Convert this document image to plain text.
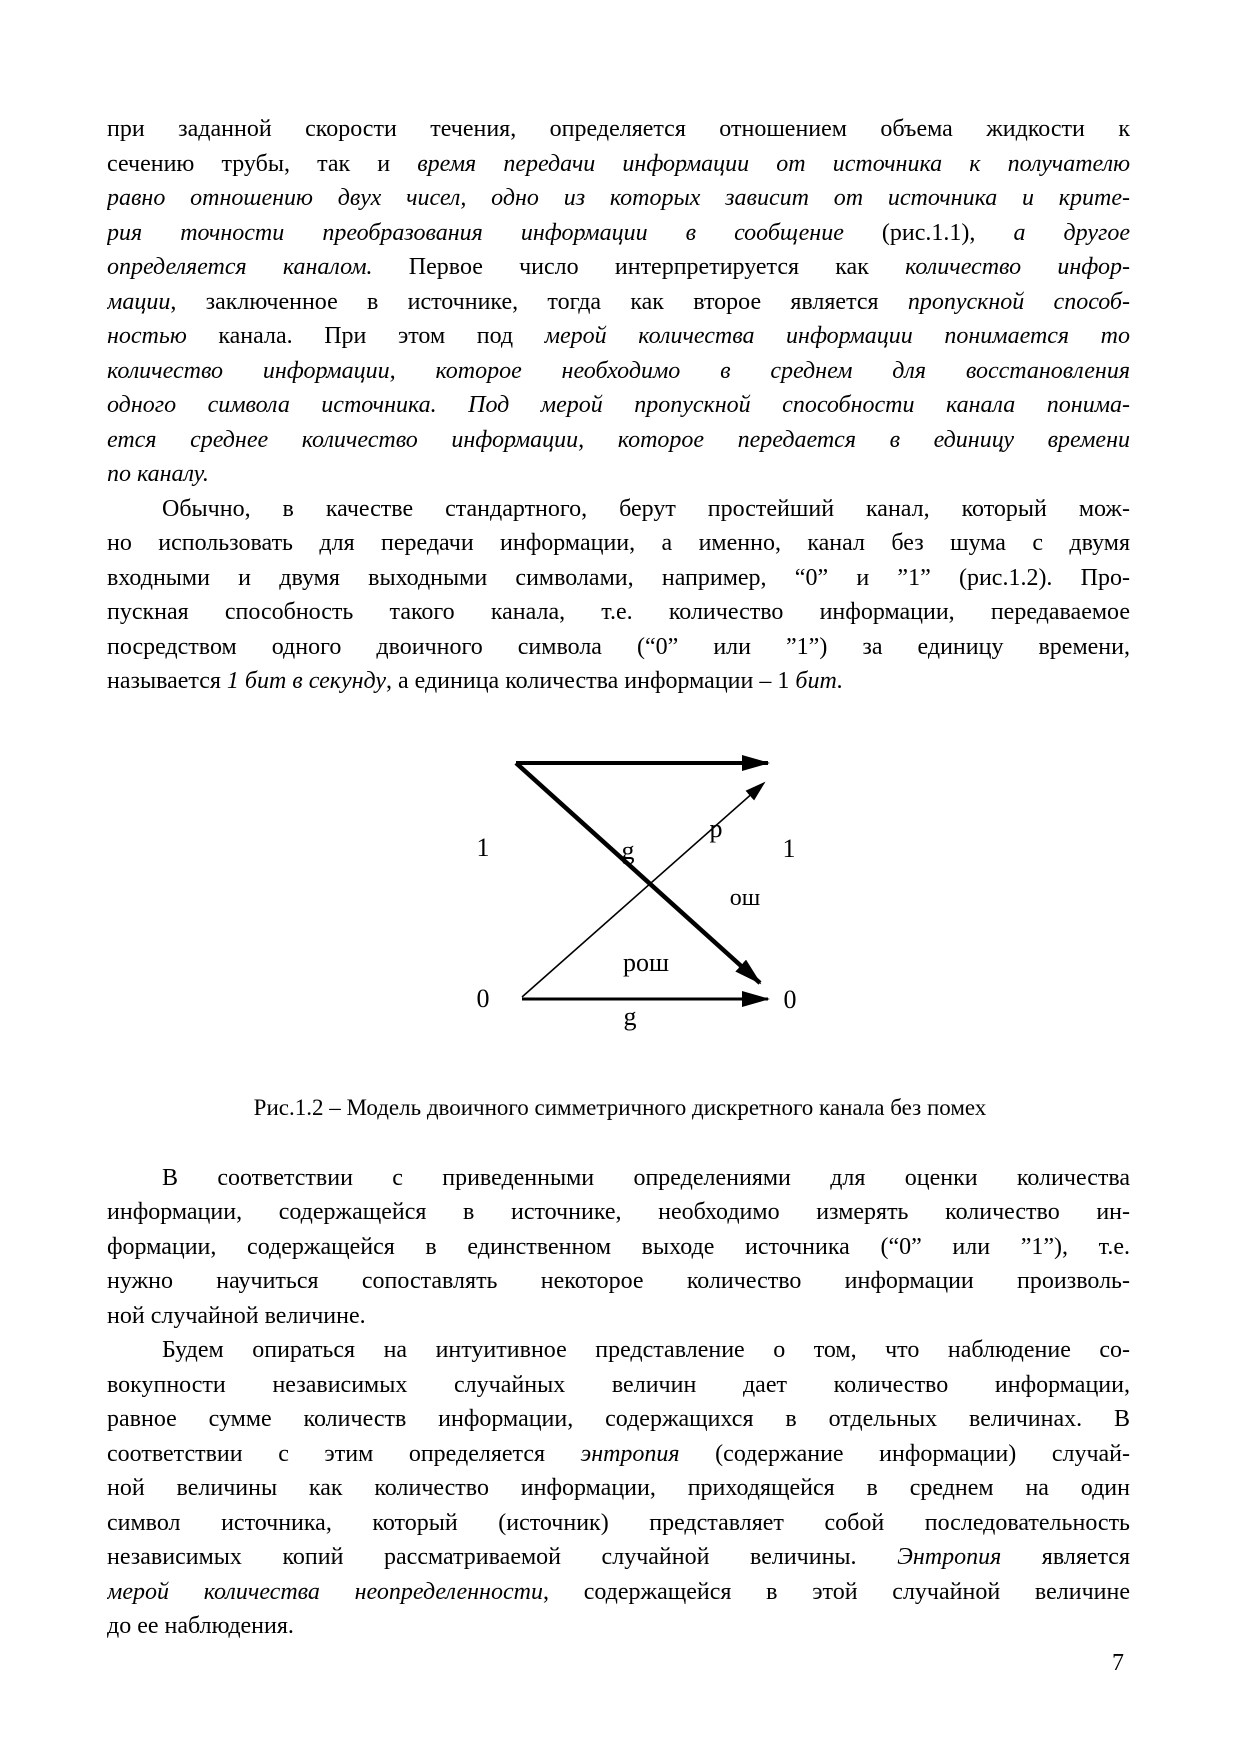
при заданной скорости течения, определяется отношением объема жидкости к
сечению трубы, так и время передачи информации от источника к получателю
равно отношению двух чисел, одно из которых зависит от источника и крите-
рия точности преобразования информации в сообщение (рис.1.1), а другое
определяется каналом. Первое число интерпретируется как количество инфор-
мации, заключенное в источнике, тогда как второе является пропускной способ-
ностью канала. При этом под мерой количества информации понимается то
количество информации, которое необходимо в среднем для восстановления
одного символа источника. Под мерой пропускной способности канала понима-
ется среднее количество информации, которое передается в единицу времени
по каналу.
Обычно, в качестве стандартного, берут простейший канал, который мож-
но использовать для передачи информации, а именно, канал без шума с двумя
входными и двумя выходными символами, например, “0” и ”1” (рис.1.2). Про-
пускная способность такого канала, т.е. количество информации, передаваемое
посредством одного двоичного символа (“0” или ”1”) за единицу времени,
называется 1 бит в секунду, а единица количества информации – 1 бит.
1	1
0	0
g
g
р
ош
рош
Рис.1.2 – Модель двоичного симметричного дискретного канала без помех
В соответствии с приведенными определениями для оценки количества
информации, содержащейся в источнике, необходимо измерять количество ин-
формации, содержащейся в единственном выходе источника (“0” или ”1”), т.е.
нужно научиться сопоставлять некоторое количество информации произволь-
ной случайной величине.
Будем опираться на интуитивное представление о том, что наблюдение со-
вокупности независимых случайных величин дает количество информации,
равное сумме количеств информации, содержащихся в отдельных величинах. В
соответствии с этим определяется энтропия (содержание информации) случай-
ной величины как количество информации, приходящейся в среднем на один
символ источника, который (источник) представляет собой последовательность
независимых копий рассматриваемой случайной величины. Энтропия является
мерой количества неопределенности, содержащейся в этой случайной величине
до ее наблюдения.
7
